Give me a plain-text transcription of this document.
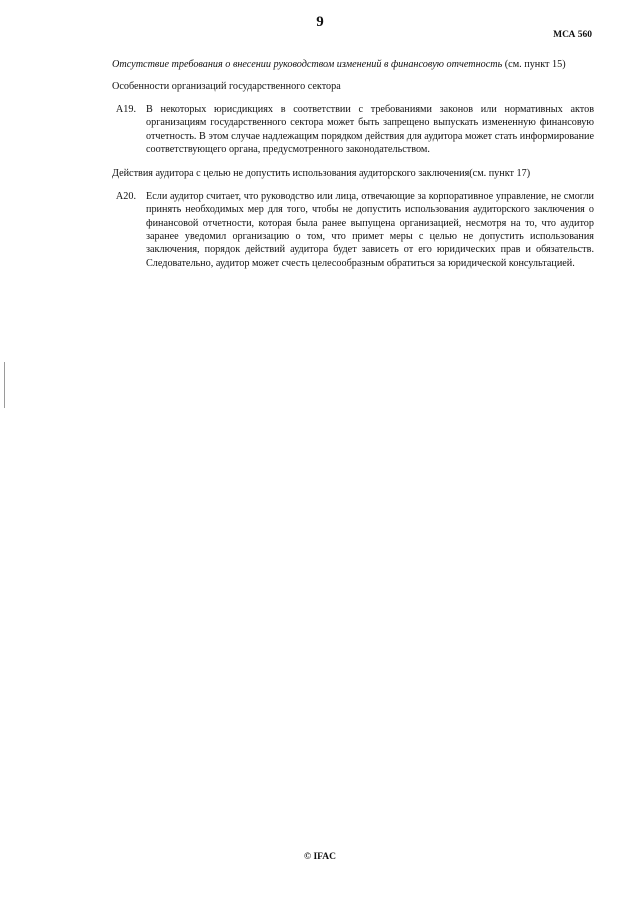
9
МСА 560

Отсутствие требования о внесении руководством изменений в финансовую отчетность (см. пункт 15)

Особенности организаций государственного сектора

А19. В некоторых юрисдикциях в соответствии с требованиями законов или нормативных актов организациям государственного сектора может быть запрещено выпускать измененную финансовую отчетность. В этом случае надлежащим порядком действия для аудитора может стать информирование соответствующего органа, предусмотренного законодательством.

Действия аудитора с целью не допустить использования аудиторского заключения(см. пункт 17)

А20. Если аудитор считает, что руководство или лица, отвечающие за корпоративное управление, не смогли принять необходимых мер для того, чтобы не допустить использования аудиторского заключения о финансовой отчетности, которая была ранее выпущена организацией, несмотря на то, что аудитор заранее уведомил организацию о том, что примет меры с целью не допустить использования заключения, порядок действий аудитора будет зависеть от его юридических прав и обязательств. Следовательно, аудитор может счесть целесообразным обратиться за юридической консультацией.
© IFAC
